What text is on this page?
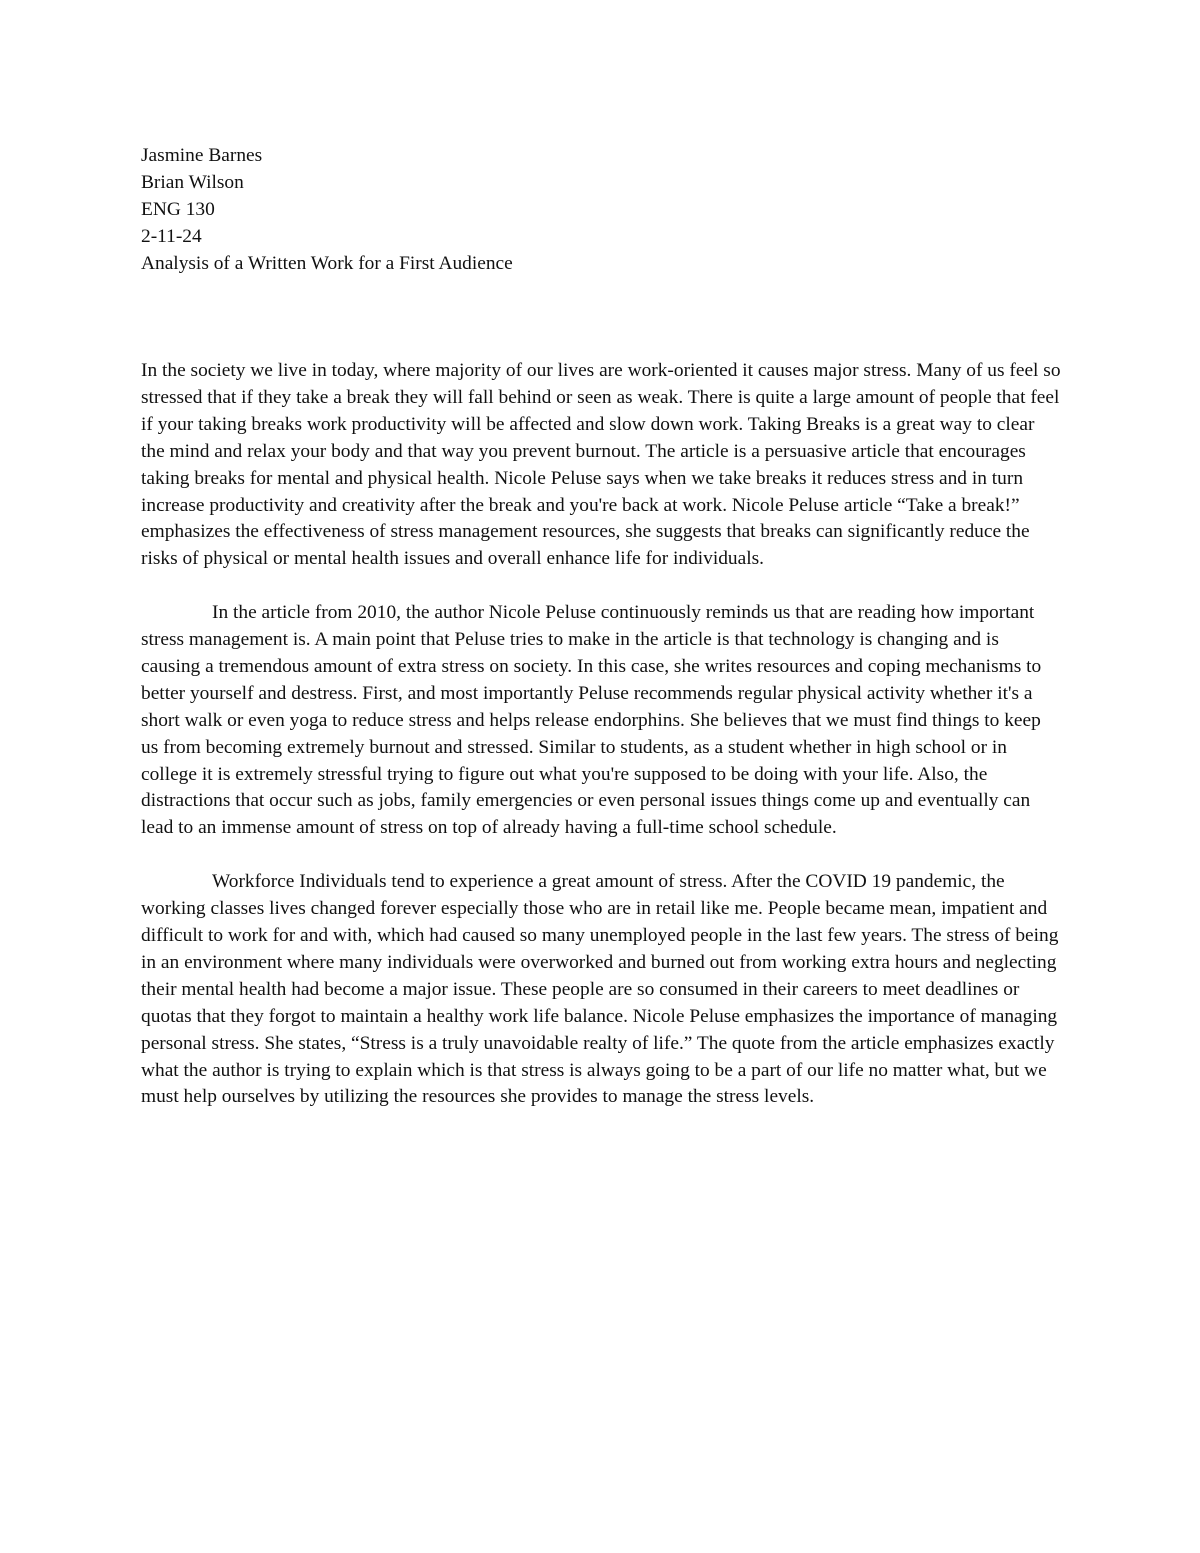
Jasmine Barnes
Brian Wilson
ENG 130
2-11-24
Analysis of a Written Work for a First Audience

In the society we live in today, where majority of our lives are work-oriented it causes major stress. Many of us feel so stressed that if they take a break they will fall behind or seen as weak. There is quite a large amount of people that feel if your taking breaks work productivity will be affected and slow down work. Taking Breaks is a great way to clear the mind and relax your body and that way you prevent burnout. The article is a persuasive article that encourages taking breaks for mental and physical health. Nicole Peluse says when we take breaks it reduces stress and in turn increase productivity and creativity after the break and you're back at work. Nicole Peluse article “Take a break!” emphasizes the effectiveness of stress management resources, she suggests that breaks can significantly reduce the risks of physical or mental health issues and overall enhance life for individuals.

In the article from 2010, the author Nicole Peluse continuously reminds us that are reading how important stress management is. A main point that Peluse tries to make in the article is that technology is changing and is causing a tremendous amount of extra stress on society. In this case, she writes resources and coping mechanisms to better yourself and destress. First, and most importantly Peluse recommends regular physical activity whether it's a short walk or even yoga to reduce stress and helps release endorphins. She believes that we must find things to keep us from becoming extremely burnout and stressed. Similar to students, as a student whether in high school or in college it is extremely stressful trying to figure out what you're supposed to be doing with your life. Also, the distractions that occur such as jobs, family emergencies or even personal issues things come up and eventually can lead to an immense amount of stress on top of already having a full-time school schedule.

Workforce Individuals tend to experience a great amount of stress. After the COVID 19 pandemic, the working classes lives changed forever especially those who are in retail like me. People became mean, impatient and difficult to work for and with, which had caused so many unemployed people in the last few years. The stress of being in an environment where many individuals were overworked and burned out from working extra hours and neglecting their mental health had become a major issue. These people are so consumed in their careers to meet deadlines or quotas that they forgot to maintain a healthy work life balance. Nicole Peluse emphasizes the importance of managing personal stress. She states, “Stress is a truly unavoidable realty of life.” The quote from the article emphasizes exactly what the author is trying to explain which is that stress is always going to be a part of our life no matter what, but we must help ourselves by utilizing the resources she provides to manage the stress levels.
